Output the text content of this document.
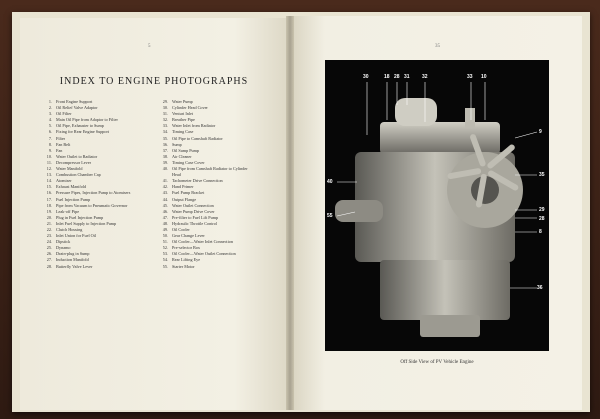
5	35
INDEX TO ENGINE PHOTOGRAPHS
1. Front Engine Support
2. Oil Relief Valve Adaptor
3. Oil Filter
4. Main Oil Pipe from Adaptor to Filter
5. Oil Pipe, Exhauster to Sump
6. Fixing for Rear Engine Support
7. Filter
8. Fan Belt
9. Fan
10. Water Outlet to Radiator
11. Decompressor Lever
12. Water Manifold
13. Combustion Chamber Cap
14. Atomiser
15. Exhaust Manifold
16. Pressure Pipes, Injection Pump to Atomisers
17. Fuel Injection Pump
18. Pipe from Vacuum to Pneumatic Governor
19. Leak-off Pipe
20. Plug in Fuel Injection Pump
21. Inlet Fuel Supply to Injection Pump
22. Clutch Housing
23. Inlet Union for Fuel Oil
24. Dipstick
25. Dynamo
26. Drain-plug in Sump
27. Induction Manifold
28. Butterfly Valve Lever
29. Water Pump
30. Cylinder Head Cover
31. Venturi Inlet
32. Breather Pipe
33. Water Inlet from Radiator
34. Timing Case
35. Oil Pipe to Camshaft Radiator
36. Sump
37. Oil Sump Pump
38. Air Cleaner
39. Timing Case Cover
40. Oil Pipe from Camshaft Radiator to Cylinder
Head
41. Tachometer Drive Connection
42. Hand Primer
43. Fuel Pump Bracket
44. Output Flange
45. Water Outlet Connection
46. Water Pump Drive Cover
47. Pre-filter to Fuel Lift Pump
48. Hydraulic Throttle Control
49. Oil Cooler
50. Gear Change Lever
51. Oil Cooler—Water Inlet Connection
52. Pre-selector Box
53. Oil Cooler—Water Outlet Connection
54. Rear Lifting Eye
55. Starter Motor
30	18 28 31 32	33 10
9
35
29
28
8
36
40
55

Off Side View of PV Vehicle Engine
